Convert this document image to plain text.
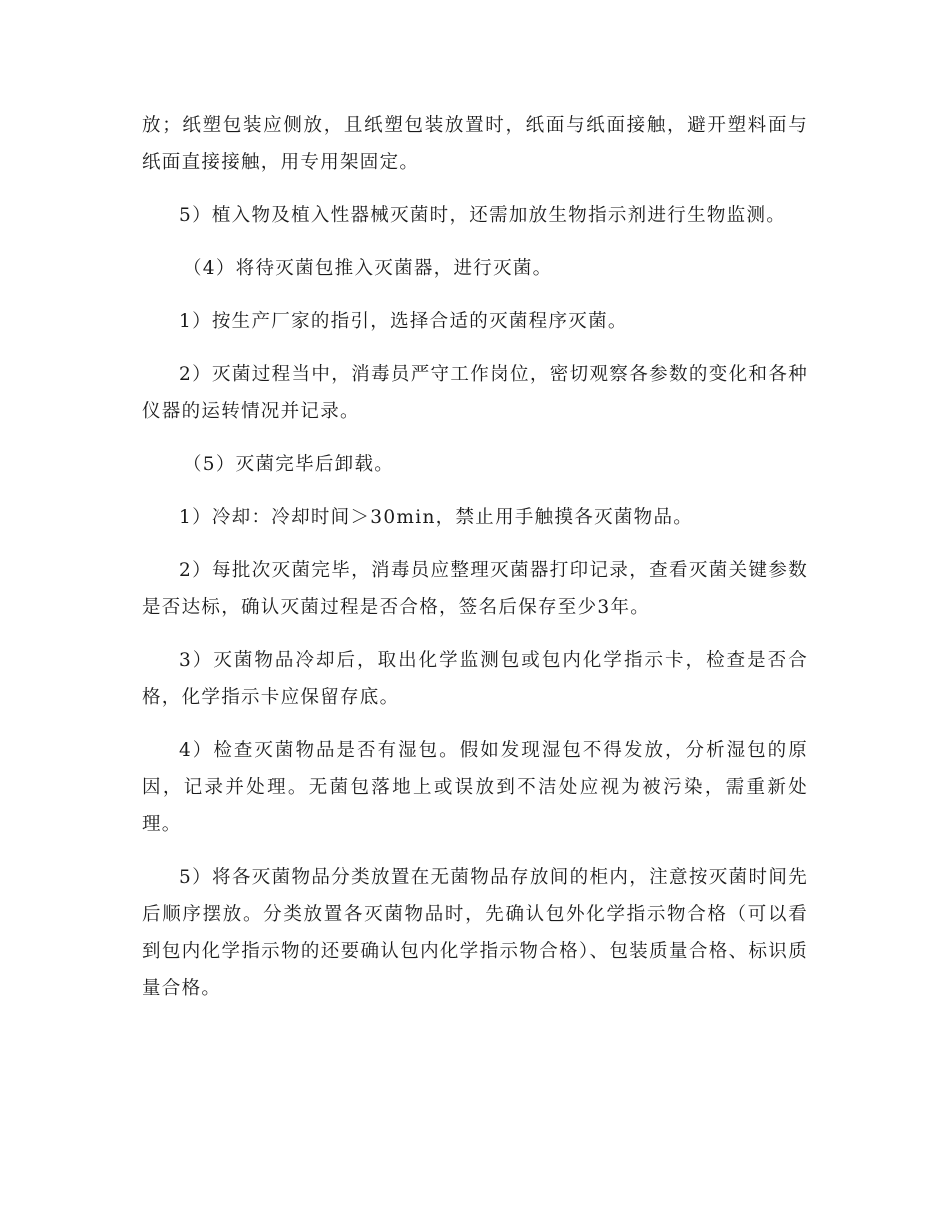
放；纸塑包装应侧放，且纸塑包装放置时，纸面与纸面接触，避开塑料面与纸面直接接触，用专用架固定。

5）植入物及植入性器械灭菌时，还需加放生物指示剂进行生物监测。

（4）将待灭菌包推入灭菌器，进行灭菌。

1）按生产厂家的指引，选择合适的灭菌程序灭菌。

2）灭菌过程当中，消毒员严守工作岗位，密切观察各参数的变化和各种仪器的运转情况并记录。

（5）灭菌完毕后卸载。

1）冷却：冷却时间＞30min，禁止用手触摸各灭菌物品。

2）每批次灭菌完毕，消毒员应整理灭菌器打印记录，查看灭菌关键参数是否达标，确认灭菌过程是否合格，签名后保存至少3年。

3）灭菌物品冷却后，取出化学监测包或包内化学指示卡，检查是否合格，化学指示卡应保留存底。

4）检查灭菌物品是否有湿包。假如发现湿包不得发放，分析湿包的原因，记录并处理。无菌包落地上或误放到不洁处应视为被污染，需重新处理。

5）将各灭菌物品分类放置在无菌物品存放间的柜内，注意按灭菌时间先后顺序摆放。分类放置各灭菌物品时，先确认包外化学指示物合格（可以看到包内化学指示物的还要确认包内化学指示物合格）、包装质量合格、标识质量合格。
